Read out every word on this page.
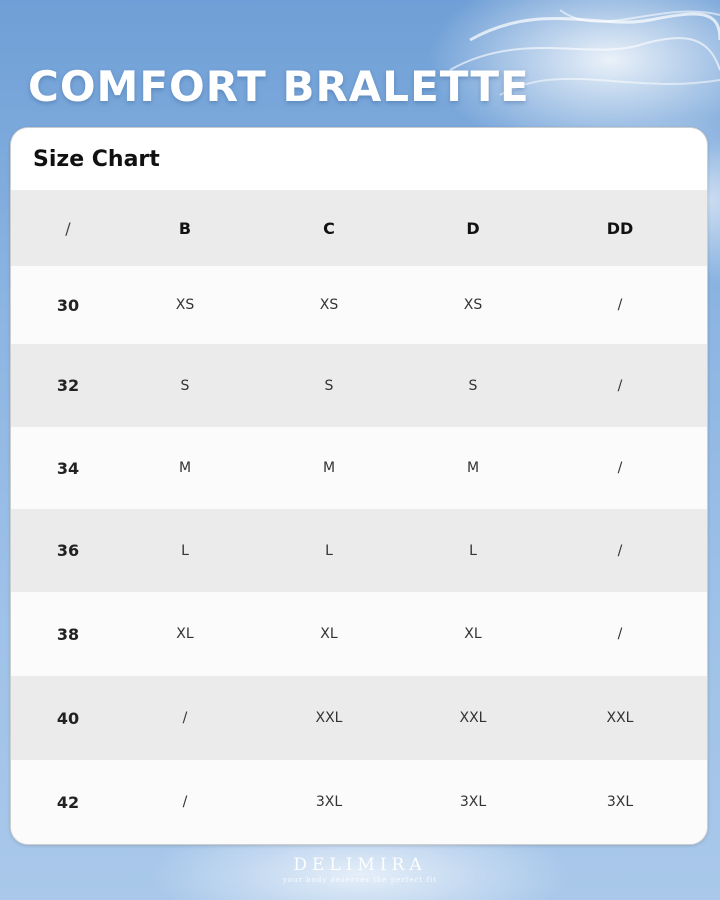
COMFORT BRALETTE
Size Chart
/	B	C	D	DD
30	XS	XS	XS	/
32	S	S	S	/
34	M	M	M	/
36	L	L	L	/
38	XL	XL	XL	/
40	/	XXL	XXL	XXL
42	/	3XL	3XL	3XL
DELIMIRA
your body deserves the perfect fit
